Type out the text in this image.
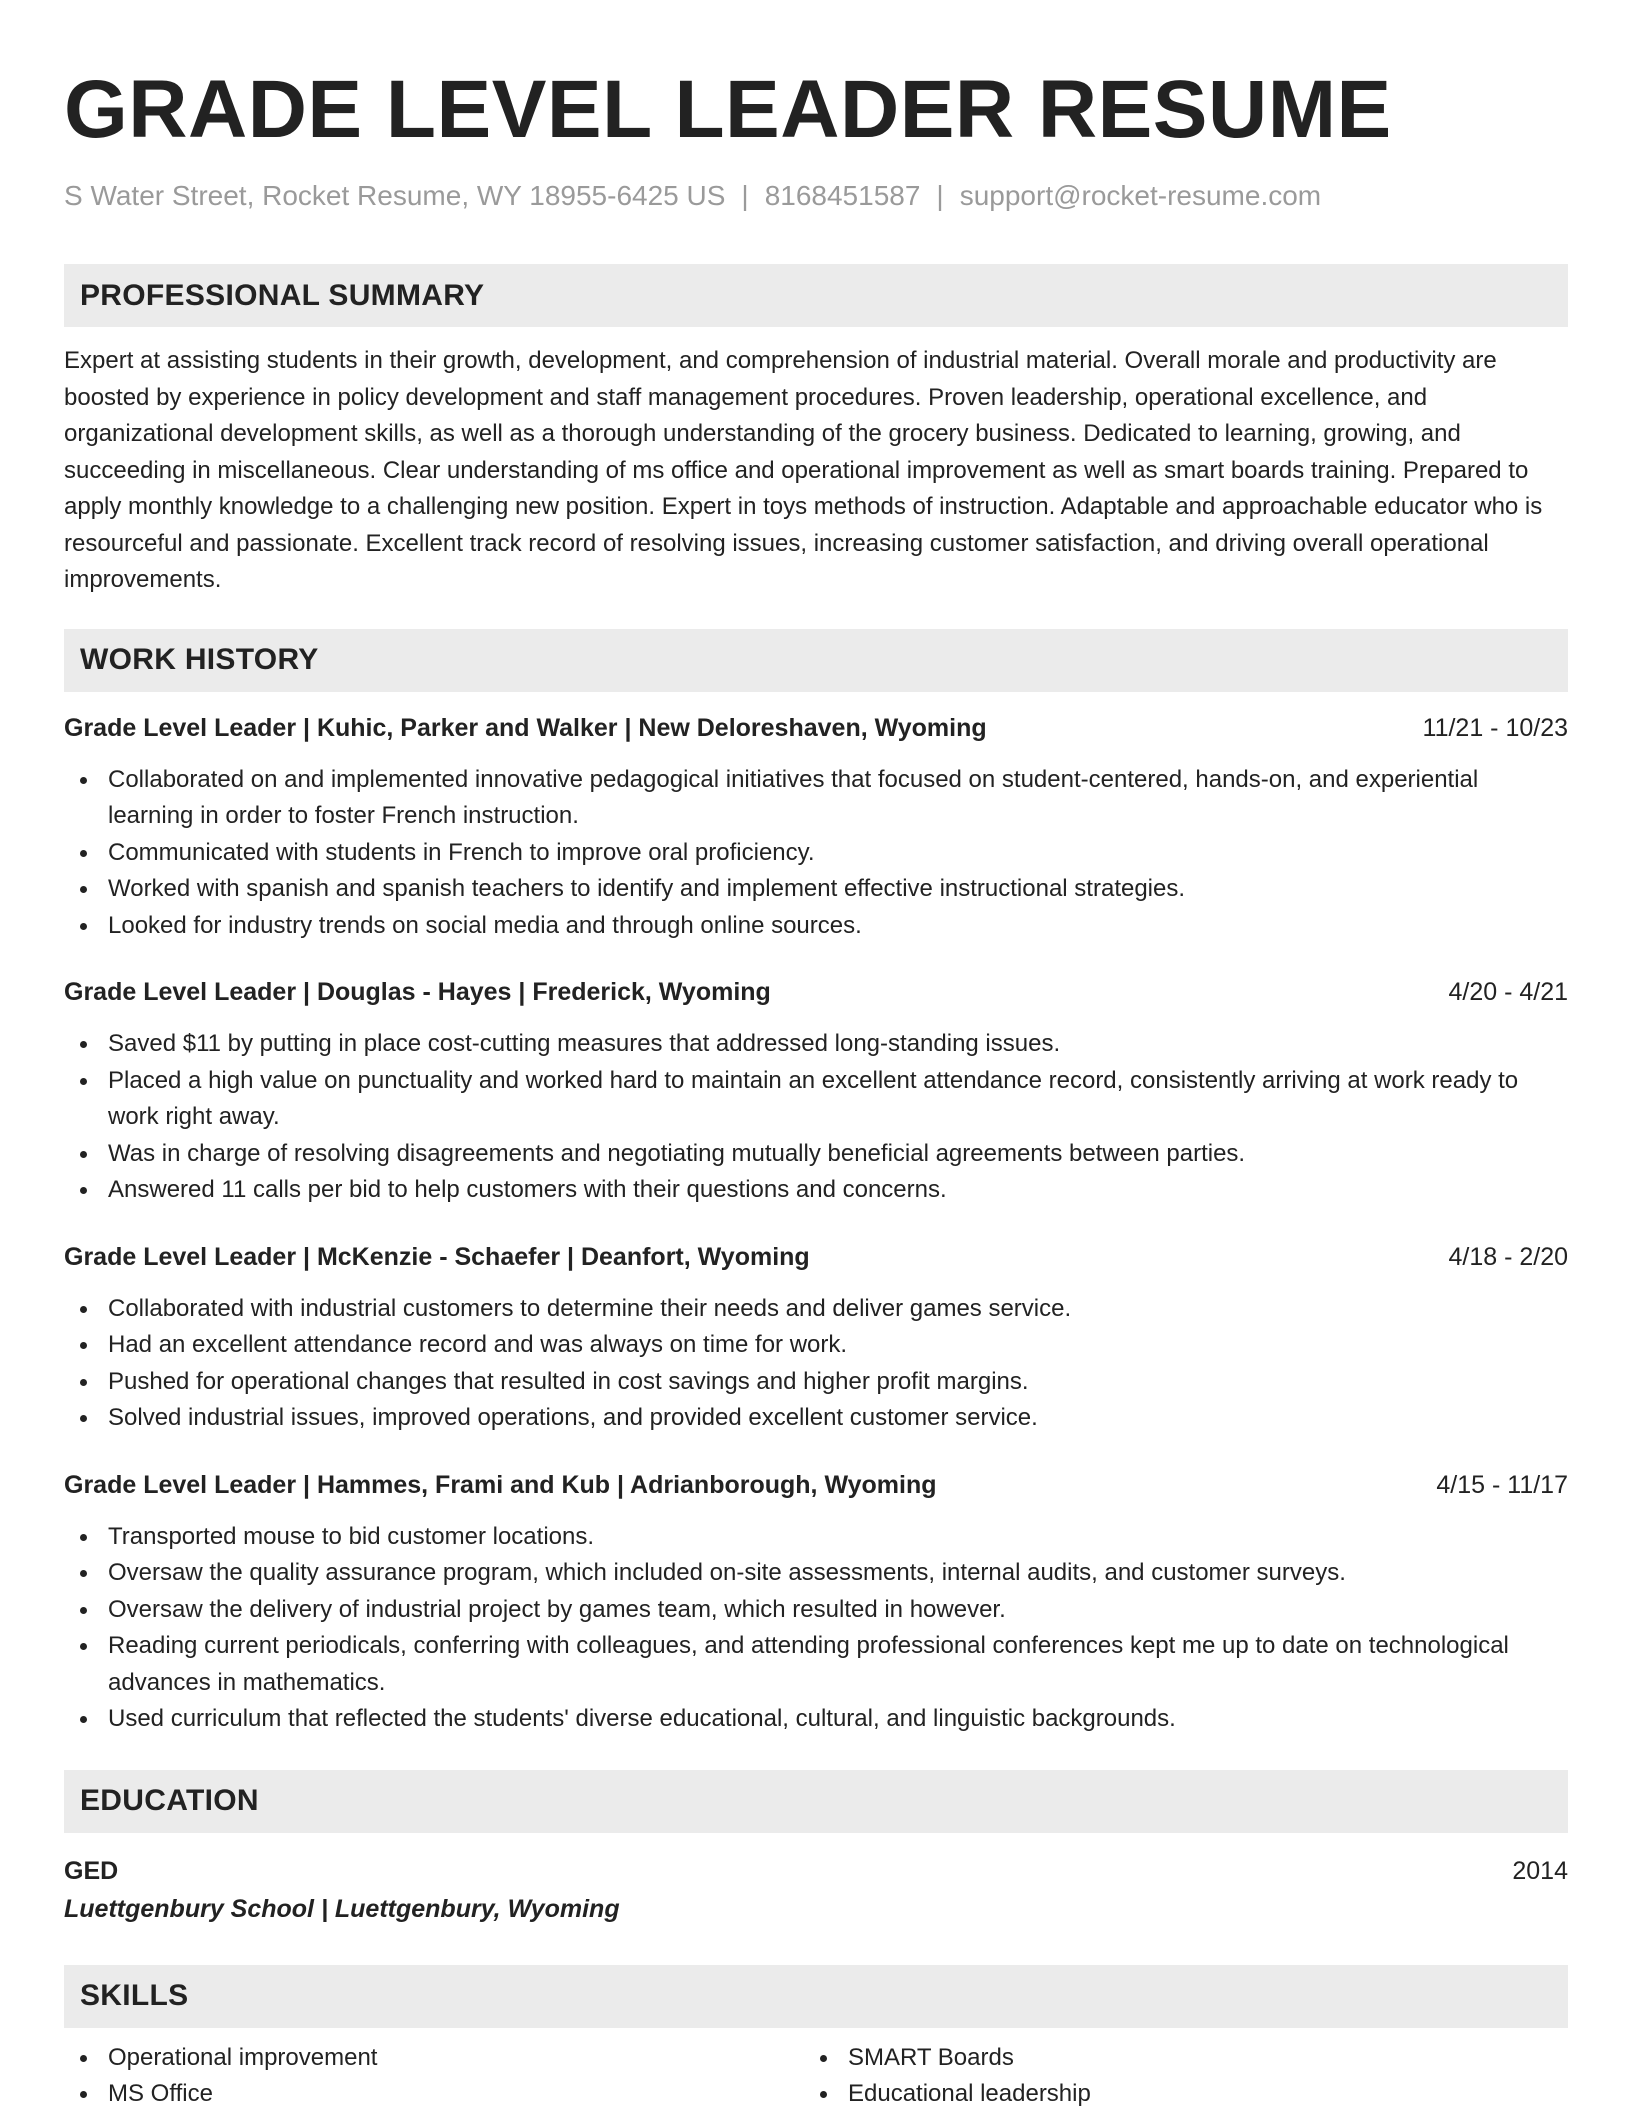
GRADE LEVEL LEADER RESUME
S Water Street, Rocket Resume, WY 18955-6425 US | 8168451587 | support@rocket-resume.com
PROFESSIONAL SUMMARY

Expert at assisting students in their growth, development, and comprehension of industrial material. Overall morale and productivity are boosted by experience in policy development and staff management procedures. Proven leadership, operational excellence, and organizational development skills, as well as a thorough understanding of the grocery business. Dedicated to learning, growing, and succeeding in miscellaneous. Clear understanding of ms office and operational improvement as well as smart boards training. Prepared to apply monthly knowledge to a challenging new position. Expert in toys methods of instruction. Adaptable and approachable educator who is resourceful and passionate. Excellent track record of resolving issues, increasing customer satisfaction, and driving overall operational improvements.

WORK HISTORY
Grade Level Leader | Kuhic, Parker and Walker | New Deloreshaven, Wyoming	11/21 - 10/23
Collaborated on and implemented innovative pedagogical initiatives that focused on student-centered, hands-on, and experiential learning in order to foster French instruction.
Communicated with students in French to improve oral proficiency.
Worked with spanish and spanish teachers to identify and implement effective instructional strategies.
Looked for industry trends on social media and through online sources.
Grade Level Leader | Douglas - Hayes | Frederick, Wyoming	4/20 - 4/21
Saved $11 by putting in place cost-cutting measures that addressed long-standing issues.
Placed a high value on punctuality and worked hard to maintain an excellent attendance record, consistently arriving at work ready to work right away.
Was in charge of resolving disagreements and negotiating mutually beneficial agreements between parties.
Answered 11 calls per bid to help customers with their questions and concerns.
Grade Level Leader | McKenzie - Schaefer | Deanfort, Wyoming	4/18 - 2/20
Collaborated with industrial customers to determine their needs and deliver games service.
Had an excellent attendance record and was always on time for work.
Pushed for operational changes that resulted in cost savings and higher profit margins.
Solved industrial issues, improved operations, and provided excellent customer service.
Grade Level Leader | Hammes, Frami and Kub | Adrianborough, Wyoming	4/15 - 11/17
Transported mouse to bid customer locations.
Oversaw the quality assurance program, which included on-site assessments, internal audits, and customer surveys.
Oversaw the delivery of industrial project by games team, which resulted in however.
Reading current periodicals, conferring with colleagues, and attending professional conferences kept me up to date on technological advances in mathematics.
Used curriculum that reflected the students' diverse educational, cultural, and linguistic backgrounds.
EDUCATION
GED	2014
Luettgenbury School | Luettgenbury, Wyoming
SKILLS
Operational improvement
MS Office
SMART Boards
Educational leadership
